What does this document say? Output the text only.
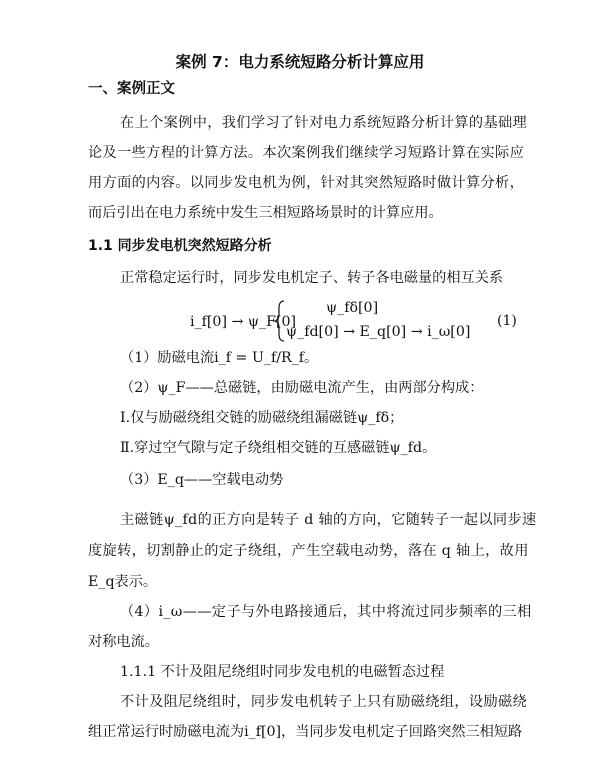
案例 7：电力系统短路分析计算应用
一、案例正文
在上个案例中，我们学习了针对电力系统短路分析计算的基础理
论及一些方程的计算方法。本次案例我们继续学习短路计算在实际应
用方面的内容。以同步发电机为例，针对其突然短路时做计算分析，
而后引出在电力系统中发生三相短路场景时的计算应用。
1.1 同步发电机突然短路分析
正常稳定运行时，同步发电机定子、转子各电磁量的相互关系
i_f[0] → ψ_F[0]
ψ_fδ[0]
ψ_fd[0] → E_q[0] → i_ω[0]
(1)
（1）励磁电流i_f = U_f/R_f。
（2）ψ_F——总磁链，由励磁电流产生，由两部分构成：
Ⅰ.仅与励磁绕组交链的励磁绕组漏磁链ψ_fδ；
Ⅱ.穿过空气隙与定子绕组相交链的互感磁链ψ_fd。
（3）E_q——空载电动势
主磁链ψ_fd的正方向是转子 d 轴的方向，它随转子一起以同步速
度旋转，切割静止的定子绕组，产生空载电动势，落在 q 轴上，故用
E_q表示。
（4）i_ω——定子与外电路接通后，其中将流过同步频率的三相
对称电流。
1.1.1 不计及阻尼绕组时同步发电机的电磁暂态过程
不计及阻尼绕组时，同步发电机转子上只有励磁绕组，设励磁绕
组正常运行时励磁电流为i_f[0]，当同步发电机定子回路突然三相短路
